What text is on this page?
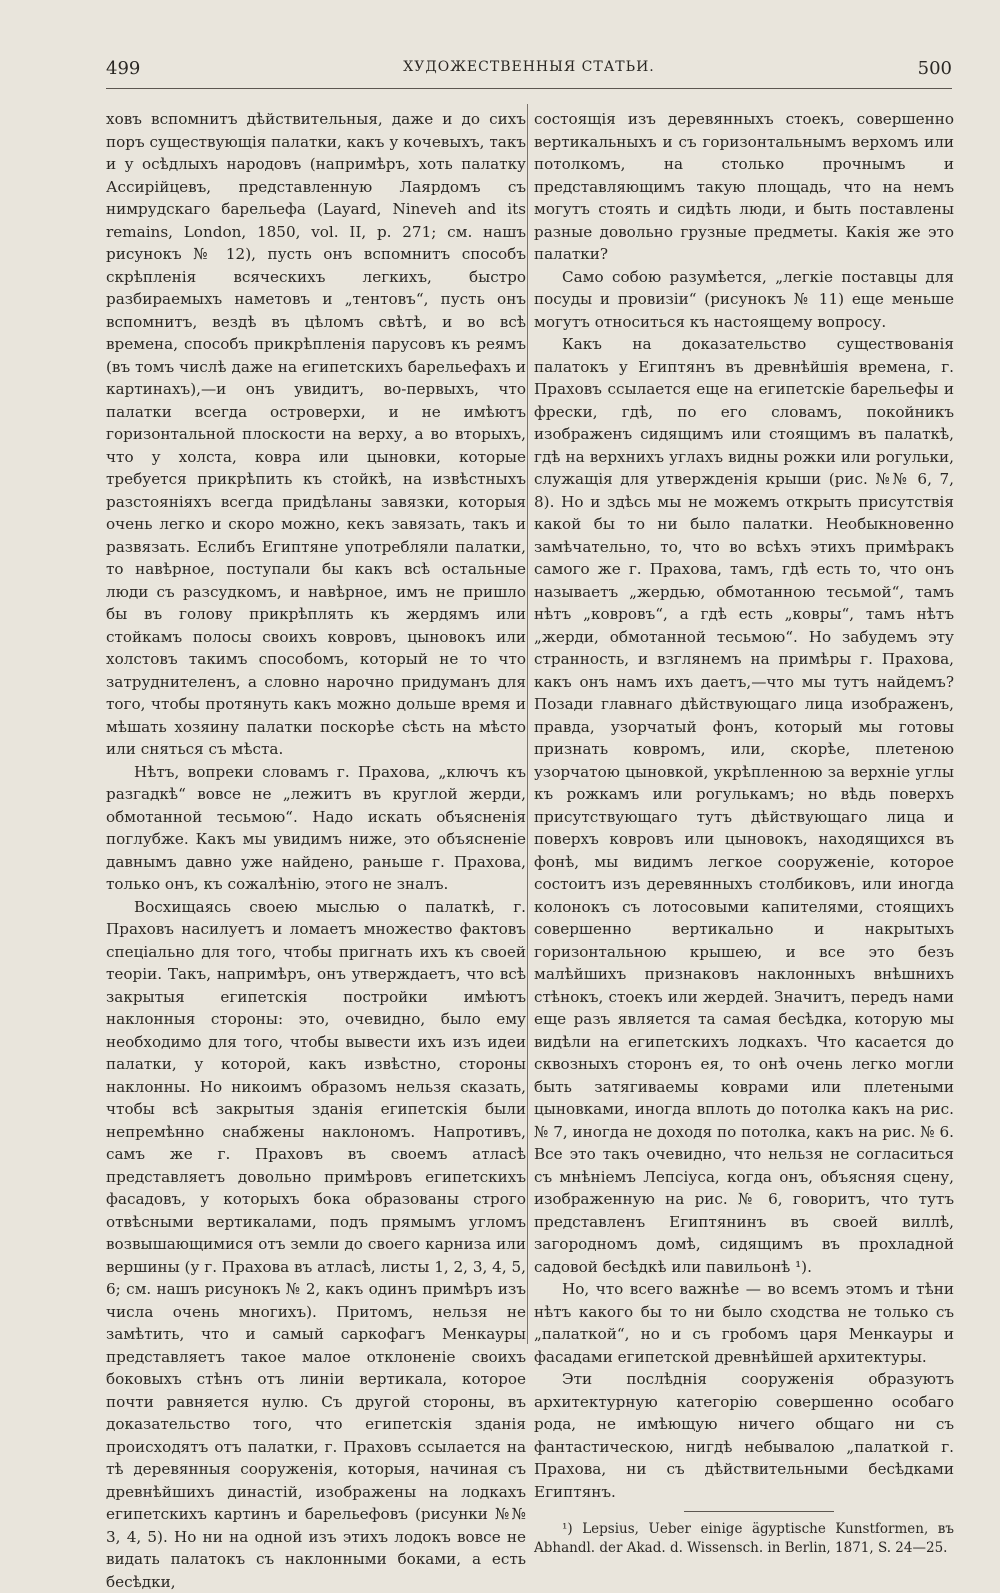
499	ХУДОЖЕСТВЕННЫЯ СТАТЬИ.	500

ховъ вспомнитъ дѣйствительныя, даже и до сихъ поръ существующія палатки, какъ у кочевыхъ, такъ и у осѣдлыхъ народовъ (напримѣръ, хоть палатку Ассирійцевъ, представленную Лаярдомъ съ нимрудскаго барельефа (Layard, Nineveh and its remains, London, 1850, vol. II, p. 271; см. нашъ рисунокъ № 12), пусть онъ вспомнитъ способъ скрѣпленія всяческихъ легкихъ, быстро разбираемыхъ наметовъ и „тентовъ“, пусть онъ вспомнитъ, вездѣ въ цѣломъ свѣтѣ, и во всѣ времена, способъ прикрѣпленія парусовъ къ реямъ (въ томъ числѣ даже на египетскихъ барельефахъ и картинахъ),—и онъ увидитъ, во-первыхъ, что палатки всегда островерхи, и не имѣютъ горизонтальной плоскости на верху, а во вторыхъ, что у холста, ковра или цыновки, которые требуется прикрѣпить къ стойкѣ, на извѣстныхъ разстояніяхъ всегда придѣланы завязки, которыя очень легко и скоро можно, кекъ завязать, такъ и развязать. Еслибъ Египтяне употребляли палатки, то навѣрное, поступали бы какъ всѣ остальные люди съ разсудкомъ, и навѣрное, имъ не пришло бы въ голову прикрѣплять къ жердямъ или стойкамъ полосы своихъ ковровъ, цыновокъ или холстовъ такимъ способомъ, который не то что затруднителенъ, а словно нарочно придуманъ для того, чтобы протянуть какъ можно дольше время и мѣшать хозяину палатки поскорѣе сѣсть на мѣсто или сняться съ мѣста.

Нѣтъ, вопреки словамъ г. Прахова, „ключъ къ разгадкѣ“ вовсе не „лежитъ въ круглой жерди, обмотанной тесьмою“. Надо искать объясненія поглубже. Какъ мы увидимъ ниже, это объясненіе давнымъ давно уже найдено, раньше г. Прахова, только онъ, къ сожалѣнію, этого не зналъ.

Восхищаясь своею мыслью о палаткѣ, г. Праховъ насилуетъ и ломаетъ множество фактовъ спеціально для того, чтобы пригнать ихъ къ своей теоріи. Такъ, напримѣръ, онъ утверждаетъ, что всѣ закрытыя египетскія постройки имѣютъ наклонныя стороны: это, очевидно, было ему необходимо для того, чтобы вывести ихъ изъ идеи палатки, у которой, какъ извѣстно, стороны наклонны. Но никоимъ образомъ нельзя сказать, чтобы всѣ закрытыя зданія египетскія были непремѣнно снабжены наклономъ. Напротивъ, самъ же г. Праховъ въ своемъ атласѣ представляетъ довольно примѣровъ египетскихъ фасадовъ, у которыхъ бока образованы строго отвѣсными вертикалами, подъ прямымъ угломъ возвышающимися отъ земли до своего карниза или вершины (у г. Прахова въ атласѣ, листы 1, 2, 3, 4, 5, 6; см. нашъ рисунокъ № 2, какъ одинъ примѣръ изъ числа очень многихъ). Притомъ, нельзя не замѣтить, что и самый саркофагъ Менкауры представляетъ такое малое отклоненіе своихъ боковыхъ стѣнъ отъ линіи вертикала, которое почти равняется нулю. Съ другой стороны, въ доказательство того, что египетскія зданія происходятъ отъ палатки, г. Праховъ ссылается на тѣ деревянныя сооруженія, которыя, начиная съ древнѣйшихъ династій, изображены на лодкахъ египетскихъ картинъ и барельефовъ (рисунки №№ 3, 4, 5). Но ни на одной изъ этихъ лодокъ вовсе не видать палатокъ съ наклонными боками, а есть бесѣдки,

состоящія изъ деревянныхъ стоекъ, совершенно вертикальныхъ и съ горизонтальнымъ верхомъ или потолкомъ, на столько прочнымъ и представляющимъ такую площадь, что на немъ могутъ стоять и сидѣть люди, и быть поставлены разные довольно грузные предметы. Какія же это палатки?

Само собою разумѣется, „легкіе поставцы для посуды и провизіи“ (рисунокъ № 11) еще меньше могутъ относиться къ настоящему вопросу.

Какъ на доказательство существованія палатокъ у Египтянъ въ древнѣйшія времена, г. Праховъ ссылается еще на египетскіе барельефы и фрески, гдѣ, по его словамъ, покойникъ изображенъ сидящимъ или стоящимъ въ палаткѣ, гдѣ на верхнихъ углахъ видны рожки или рогульки, служащія для утвержденія крыши (рис. №№ 6, 7, 8). Но и здѣсь мы не можемъ открыть присутствія какой бы то ни было палатки. Необыкновенно замѣчательно, то, что во всѣхъ этихъ примѣракъ самого же г. Прахова, тамъ, гдѣ есть то, что онъ называетъ „жердью, обмотанною тесьмой“, тамъ нѣтъ „ковровъ“, а гдѣ есть „ковры“, тамъ нѣтъ „жерди, обмотанной тесьмою“. Но забудемъ эту странность, и взглянемъ на примѣры г. Прахова, какъ онъ намъ ихъ даетъ,—что мы тутъ найдемъ? Позади главнаго дѣйствующаго лица изображенъ, правда, узорчатый фонъ, который мы готовы признать ковромъ, или, скорѣе, плетеною узорчатою цыновкой, укрѣпленною за верхніе углы къ рожкамъ или рогулькамъ; но вѣдь поверхъ присутствующаго тутъ дѣйствующаго лица и поверхъ ковровъ или цыновокъ, находящихся въ фонѣ, мы видимъ легкое сооруженіе, которое состоитъ изъ деревянныхъ столбиковъ, или иногда колонокъ съ лотосовыми капителями, стоящихъ совершенно вертикально и накрытыхъ горизонтальною крышею, и все это безъ малѣйшихъ признаковъ наклонныхъ внѣшнихъ стѣнокъ, стоекъ или жердей. Значитъ, передъ нами еще разъ является та самая бесѣдка, которую мы видѣли на египетскихъ лодкахъ. Что касается до сквозныхъ сторонъ ея, то онѣ очень легко могли быть затягиваемы коврами или плетеными цыновками, иногда вплоть до потолка какъ на рис. № 7, иногда не доходя по потолка, какъ на рис. № 6. Все это такъ очевидно, что нельзя не согласиться съ мнѣніемъ Лепсіуса, когда онъ, объясняя сцену, изображенную на рис. № 6, говоритъ, что тутъ представленъ Египтянинъ въ своей виллѣ, загородномъ домѣ, сидящимъ въ прохладной садовой бесѣдкѣ или павильонѣ ¹).

Но, что всего важнѣе — во всемъ этомъ и тѣни нѣтъ какого бы то ни было сходства не только съ „палаткой“, но и съ гробомъ царя Менкауры и фасадами египетской древнѣйшей архитектуры.

Эти послѣднія сооруженія образуютъ архитектурную категорію совершенно особаго рода, не имѣющую ничего общаго ни съ фантастическою, нигдѣ небывалою „палаткой г. Прахова, ни съ дѣйствительными бесѣдками Египтянъ.

¹) Lepsius, Ueber einige ägyptische Kunstformen, въ Abhandl. der Akad. d. Wissensch. in Berlin, 1871, S. 24—25.
